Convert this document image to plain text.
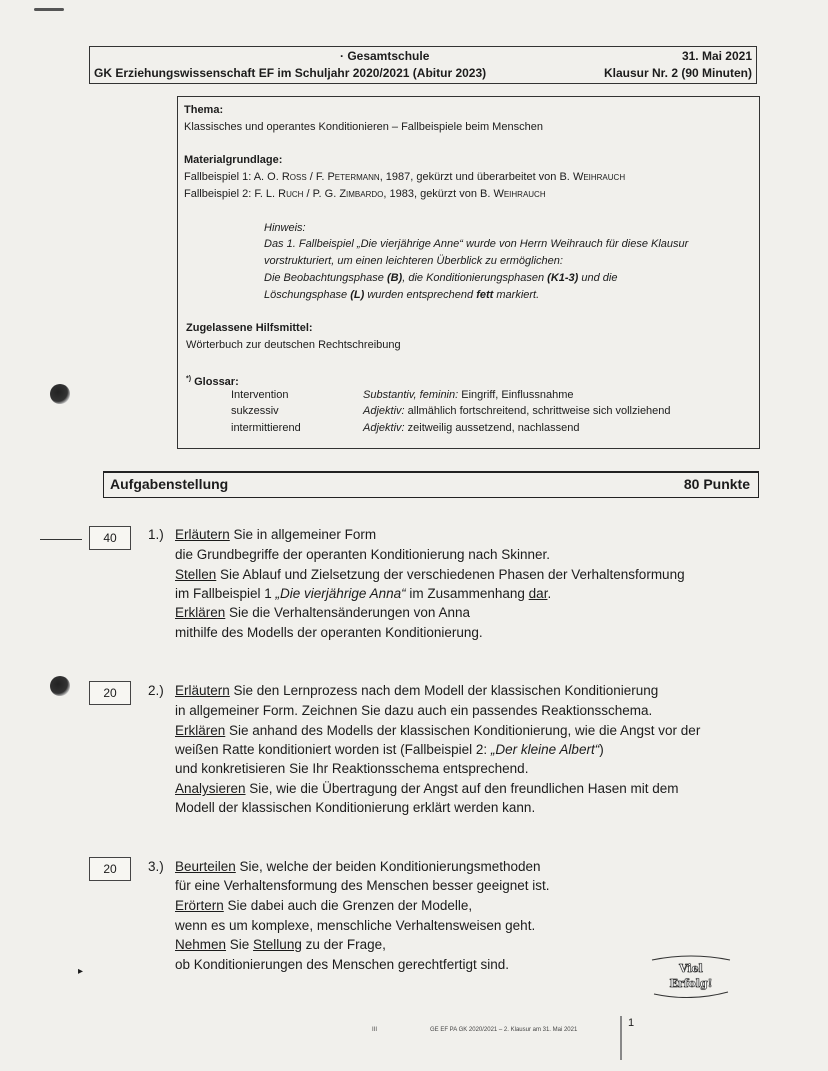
· Gesamtschule	31. Mai 2021
GK Erziehungswissenschaft EF im Schuljahr 2020/2021 (Abitur 2023)	Klausur Nr. 2 (90 Minuten)
Thema:
Klassisches und operantes Konditionieren – Fallbeispiele beim Menschen
Materialgrundlage:
Fallbeispiel 1: A. O. Ross / F. Petermann, 1987, gekürzt und überarbeitet von B. Weihrauch
Fallbeispiel 2: F. L. Ruch / P. G. Zimbardo, 1983, gekürzt von B. Weihrauch
Hinweis:
Das 1. Fallbeispiel „Die vierjährige Anne“ wurde von Herrn Weihrauch für diese Klausur
vorstrukturiert, um einen leichteren Überblick zu ermöglichen:
Die Beobachtungsphase (B), die Konditionierungsphasen (K1-3) und die
Löschungsphase (L) wurden entsprechend fett markiert.
Zugelassene Hilfsmittel:
Wörterbuch zur deutschen Rechtschreibung
*) Glossar:
Intervention	Substantiv, feminin: Eingriff, Einflussnahme
sukzessiv	Adjektiv: allmählich fortschreitend, schrittweise sich vollziehend
intermittierend	Adjektiv: zeitweilig aussetzend, nachlassend
Aufgabenstellung	80 Punkte
40	1.) Erläutern Sie in allgemeiner Form
die Grundbegriffe der operanten Konditionierung nach Skinner.
Stellen Sie Ablauf und Zielsetzung der verschiedenen Phasen der Verhaltensformung
im Fallbeispiel 1 „Die vierjährige Anna“ im Zusammenhang dar.
Erklären Sie die Verhaltensänderungen von Anna
mithilfe des Modells der operanten Konditionierung.
20	2.) Erläutern Sie den Lernprozess nach dem Modell der klassischen Konditionierung
in allgemeiner Form. Zeichnen Sie dazu auch ein passendes Reaktionsschema.
Erklären Sie anhand des Modells der klassischen Konditionierung, wie die Angst vor der
weißen Ratte konditioniert worden ist (Fallbeispiel 2: „Der kleine Albert“)
und konkretisieren Sie Ihr Reaktionsschema entsprechend.
Analysieren Sie, wie die Übertragung der Angst auf den freundlichen Hasen mit dem
Modell der klassischen Konditionierung erklärt werden kann.
20	3.) Beurteilen Sie, welche der beiden Konditionierungsmethoden
für eine Verhaltensformung des Menschen besser geeignet ist.
Erörtern Sie dabei auch die Grenzen der Modelle,
wenn es um komplexe, menschliche Verhaltensweisen geht.
Nehmen Sie Stellung zu der Frage,
ob Konditionierungen des Menschen gerechtfertigt sind.	Viel
Erfolg!
▸
III	GE EF PA GK 2020/2021 – 2. Klausur am 31. Mai 2021
1
